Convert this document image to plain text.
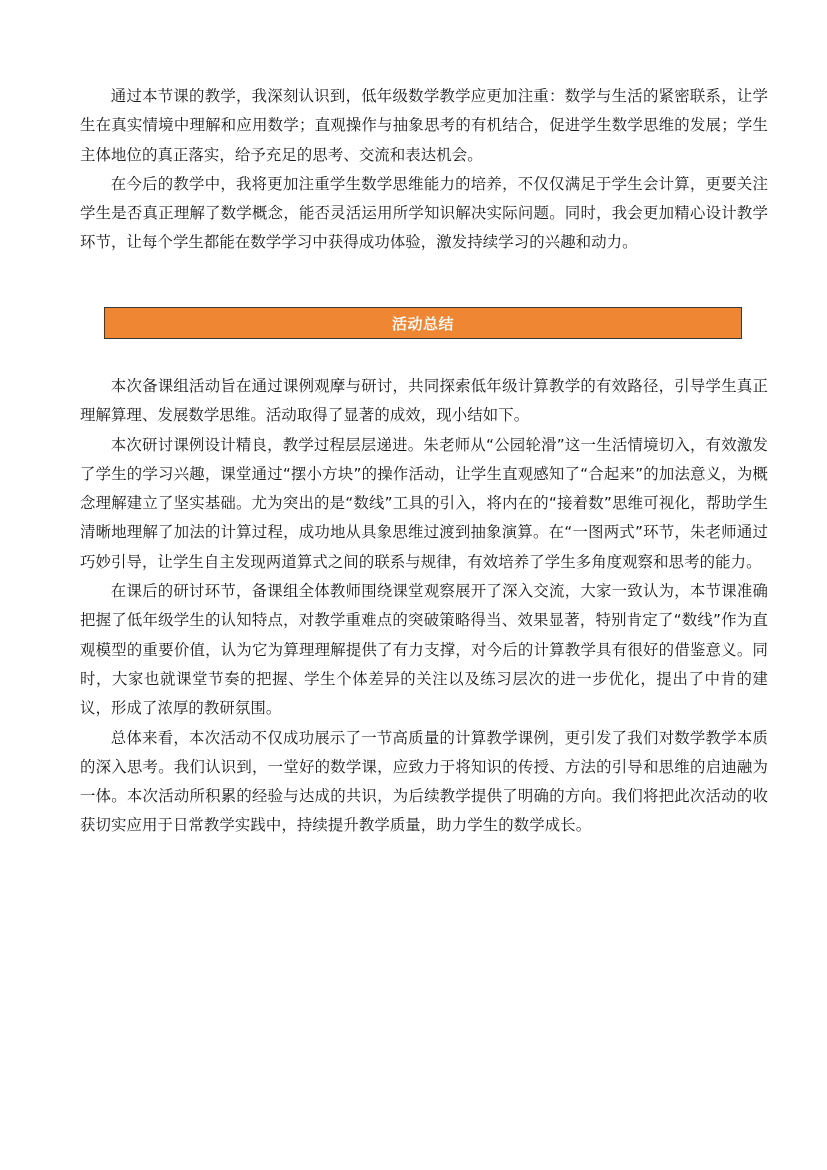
通过本节课的教学，我深刻认识到，低年级数学教学应更加注重：数学与生活的紧密联系，让学生在真实情境中理解和应用数学；直观操作与抽象思考的有机结合，促进学生数学思维的发展；学生主体地位的真正落实，给予充足的思考、交流和表达机会。

在今后的教学中，我将更加注重学生数学思维能力的培养，不仅仅满足于学生会计算，更要关注学生是否真正理解了数学概念，能否灵活运用所学知识解决实际问题。同时，我会更加精心设计教学环节，让每个学生都能在数学学习中获得成功体验，激发持续学习的兴趣和动力。

活动总结

本次备课组活动旨在通过课例观摩与研讨，共同探索低年级计算教学的有效路径，引导学生真正理解算理、发展数学思维。活动取得了显著的成效，现小结如下。

本次研讨课例设计精良，教学过程层层递进。朱老师从“公园轮滑”这一生活情境切入，有效激发了学生的学习兴趣，课堂通过“摆小方块”的操作活动，让学生直观感知了“合起来”的加法意义，为概念理解建立了坚实基础。尤为突出的是“数线”工具的引入，将内在的“接着数”思维可视化，帮助学生清晰地理解了加法的计算过程，成功地从具象思维过渡到抽象演算。在“一图两式”环节，朱老师通过巧妙引导，让学生自主发现两道算式之间的联系与规律，有效培养了学生多角度观察和思考的能力。

在课后的研讨环节，备课组全体教师围绕课堂观察展开了深入交流，大家一致认为，本节课准确把握了低年级学生的认知特点，对教学重难点的突破策略得当、效果显著，特别肯定了“数线”作为直观模型的重要价值，认为它为算理理解提供了有力支撑，对今后的计算教学具有很好的借鉴意义。同时，大家也就课堂节奏的把握、学生个体差异的关注以及练习层次的进一步优化，提出了中肯的建议，形成了浓厚的教研氛围。

总体来看，本次活动不仅成功展示了一节高质量的计算教学课例，更引发了我们对数学教学本质的深入思考。我们认识到，一堂好的数学课，应致力于将知识的传授、方法的引导和思维的启迪融为一体。本次活动所积累的经验与达成的共识，为后续教学提供了明确的方向。我们将把此次活动的收获切实应用于日常教学实践中，持续提升教学质量，助力学生的数学成长。
